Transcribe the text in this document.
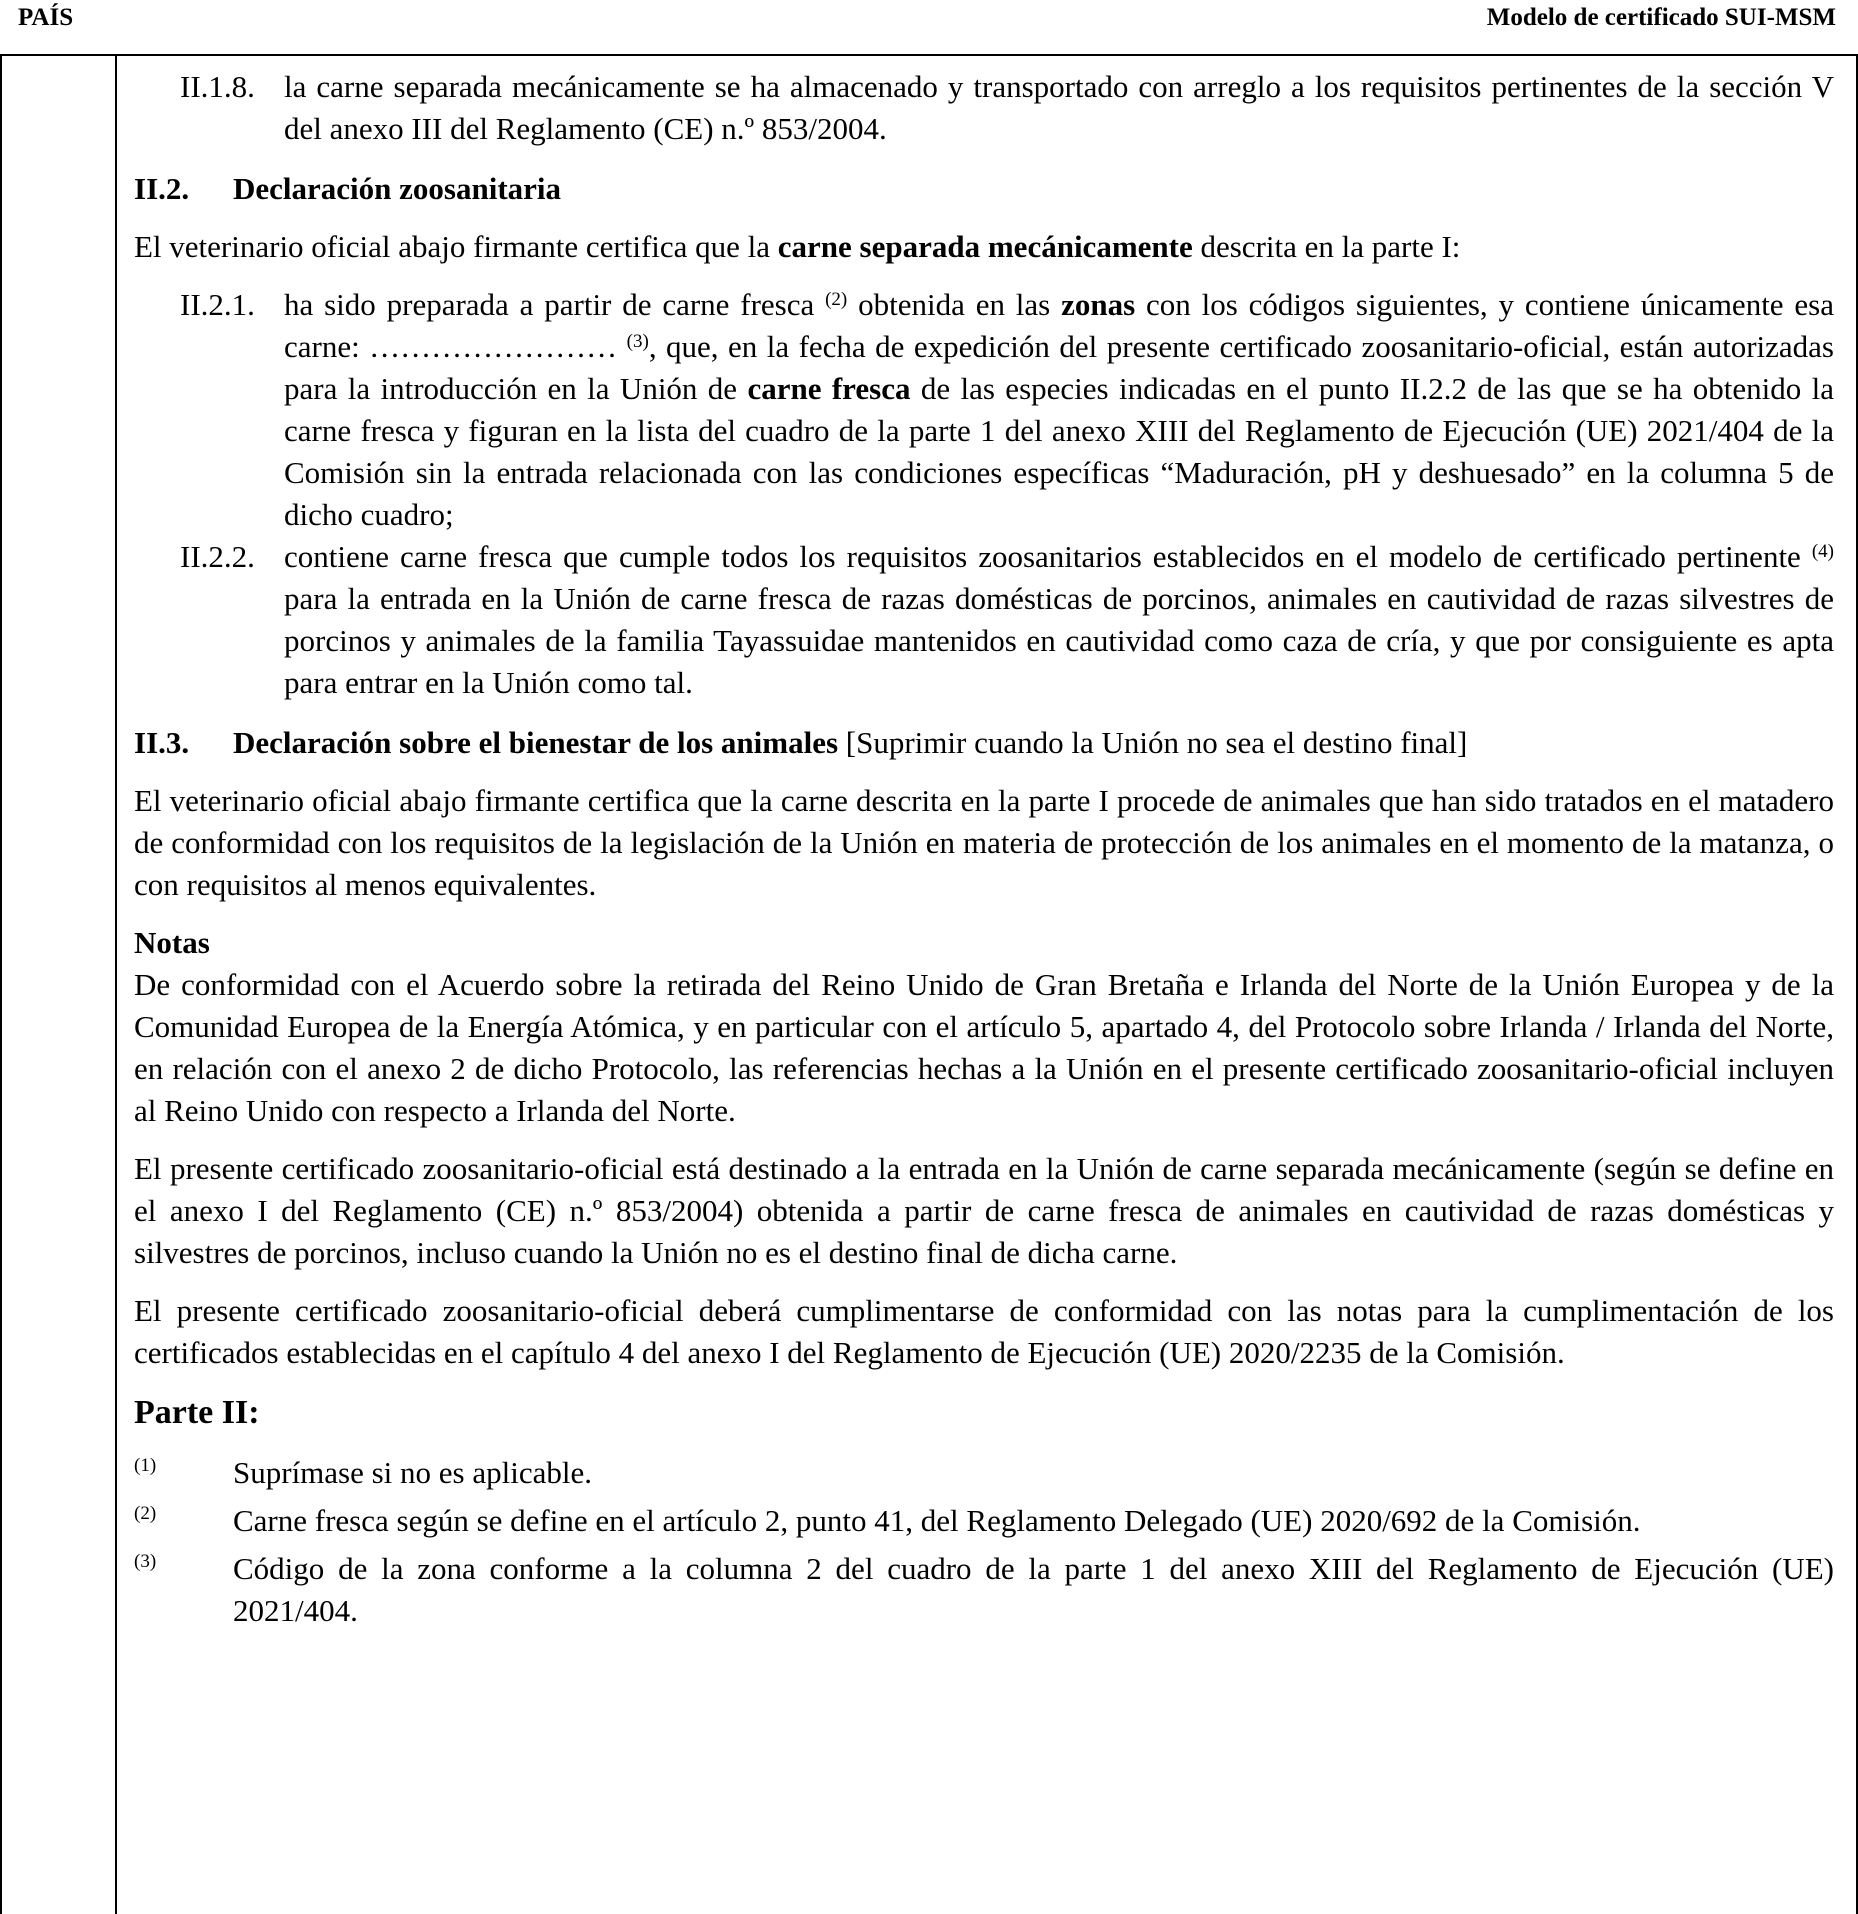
PAÍS	Modelo de certificado SUI-MSM
II.1.8. la carne separada mecánicamente se ha almacenado y transportado con arreglo a los requisitos pertinentes de la sección V del anexo III del Reglamento (CE) n.º 853/2004.
II.2.	Declaración zoosanitaria

El veterinario oficial abajo firmante certifica que la carne separada mecánicamente descrita en la parte I:

II.2.1. ha sido preparada a partir de carne fresca $^{(2)}$ obtenida en las zonas con los códigos siguientes, y contiene únicamente esa carne: …………………… $^{(3)}$, que, en la fecha de expedición del presente certificado zoosanitario-oficial, están autorizadas para la introducción en la Unión de carne fresca de las especies indicadas en el punto II.2.2 de las que se ha obtenido la carne fresca y figuran en la lista del cuadro de la parte 1 del anexo XIII del Reglamento de Ejecución (UE) 2021/404 de la Comisión sin la entrada relacionada con las condiciones específicas “Maduración, pH y deshuesado” en la columna 5 de dicho cuadro;
II.2.2. contiene carne fresca que cumple todos los requisitos zoosanitarios establecidos en el modelo de certificado pertinente $^{(4)}$ para la entrada en la Unión de carne fresca de razas domésticas de porcinos, animales en cautividad de razas silvestres de porcinos y animales de la familia Tayassuidae mantenidos en cautividad como caza de cría, y que por consiguiente es apta para entrar en la Unión como tal.
II.3.	Declaración sobre el bienestar de los animales [Suprimir cuando la Unión no sea el destino final]

El veterinario oficial abajo firmante certifica que la carne descrita en la parte I procede de animales que han sido tratados en el matadero de conformidad con los requisitos de la legislación de la Unión en materia de protección de los animales en el momento de la matanza, o con requisitos al menos equivalentes.

Notas

De conformidad con el Acuerdo sobre la retirada del Reino Unido de Gran Bretaña e Irlanda del Norte de la Unión Europea y de la Comunidad Europea de la Energía Atómica, y en particular con el artículo 5, apartado 4, del Protocolo sobre Irlanda / Irlanda del Norte, en relación con el anexo 2 de dicho Protocolo, las referencias hechas a la Unión en el presente certificado zoosanitario-oficial incluyen al Reino Unido con respecto a Irlanda del Norte.

El presente certificado zoosanitario-oficial está destinado a la entrada en la Unión de carne separada mecánicamente (según se define en el anexo I del Reglamento (CE) n.º 853/2004) obtenida a partir de carne fresca de animales en cautividad de razas domésticas y silvestres de porcinos, incluso cuando la Unión no es el destino final de dicha carne.

El presente certificado zoosanitario-oficial deberá cumplimentarse de conformidad con las notas para la cumplimentación de los certificados establecidas en el capítulo 4 del anexo I del Reglamento de Ejecución (UE) 2020/2235 de la Comisión.

Parte II:
(1)	Suprímase si no es aplicable.
(2)	Carne fresca según se define en el artículo 2, punto 41, del Reglamento Delegado (UE) 2020/692 de la Comisión.
(3)	Código de la zona conforme a la columna 2 del cuadro de la parte 1 del anexo XIII del Reglamento de Ejecución (UE) 2021/404.
